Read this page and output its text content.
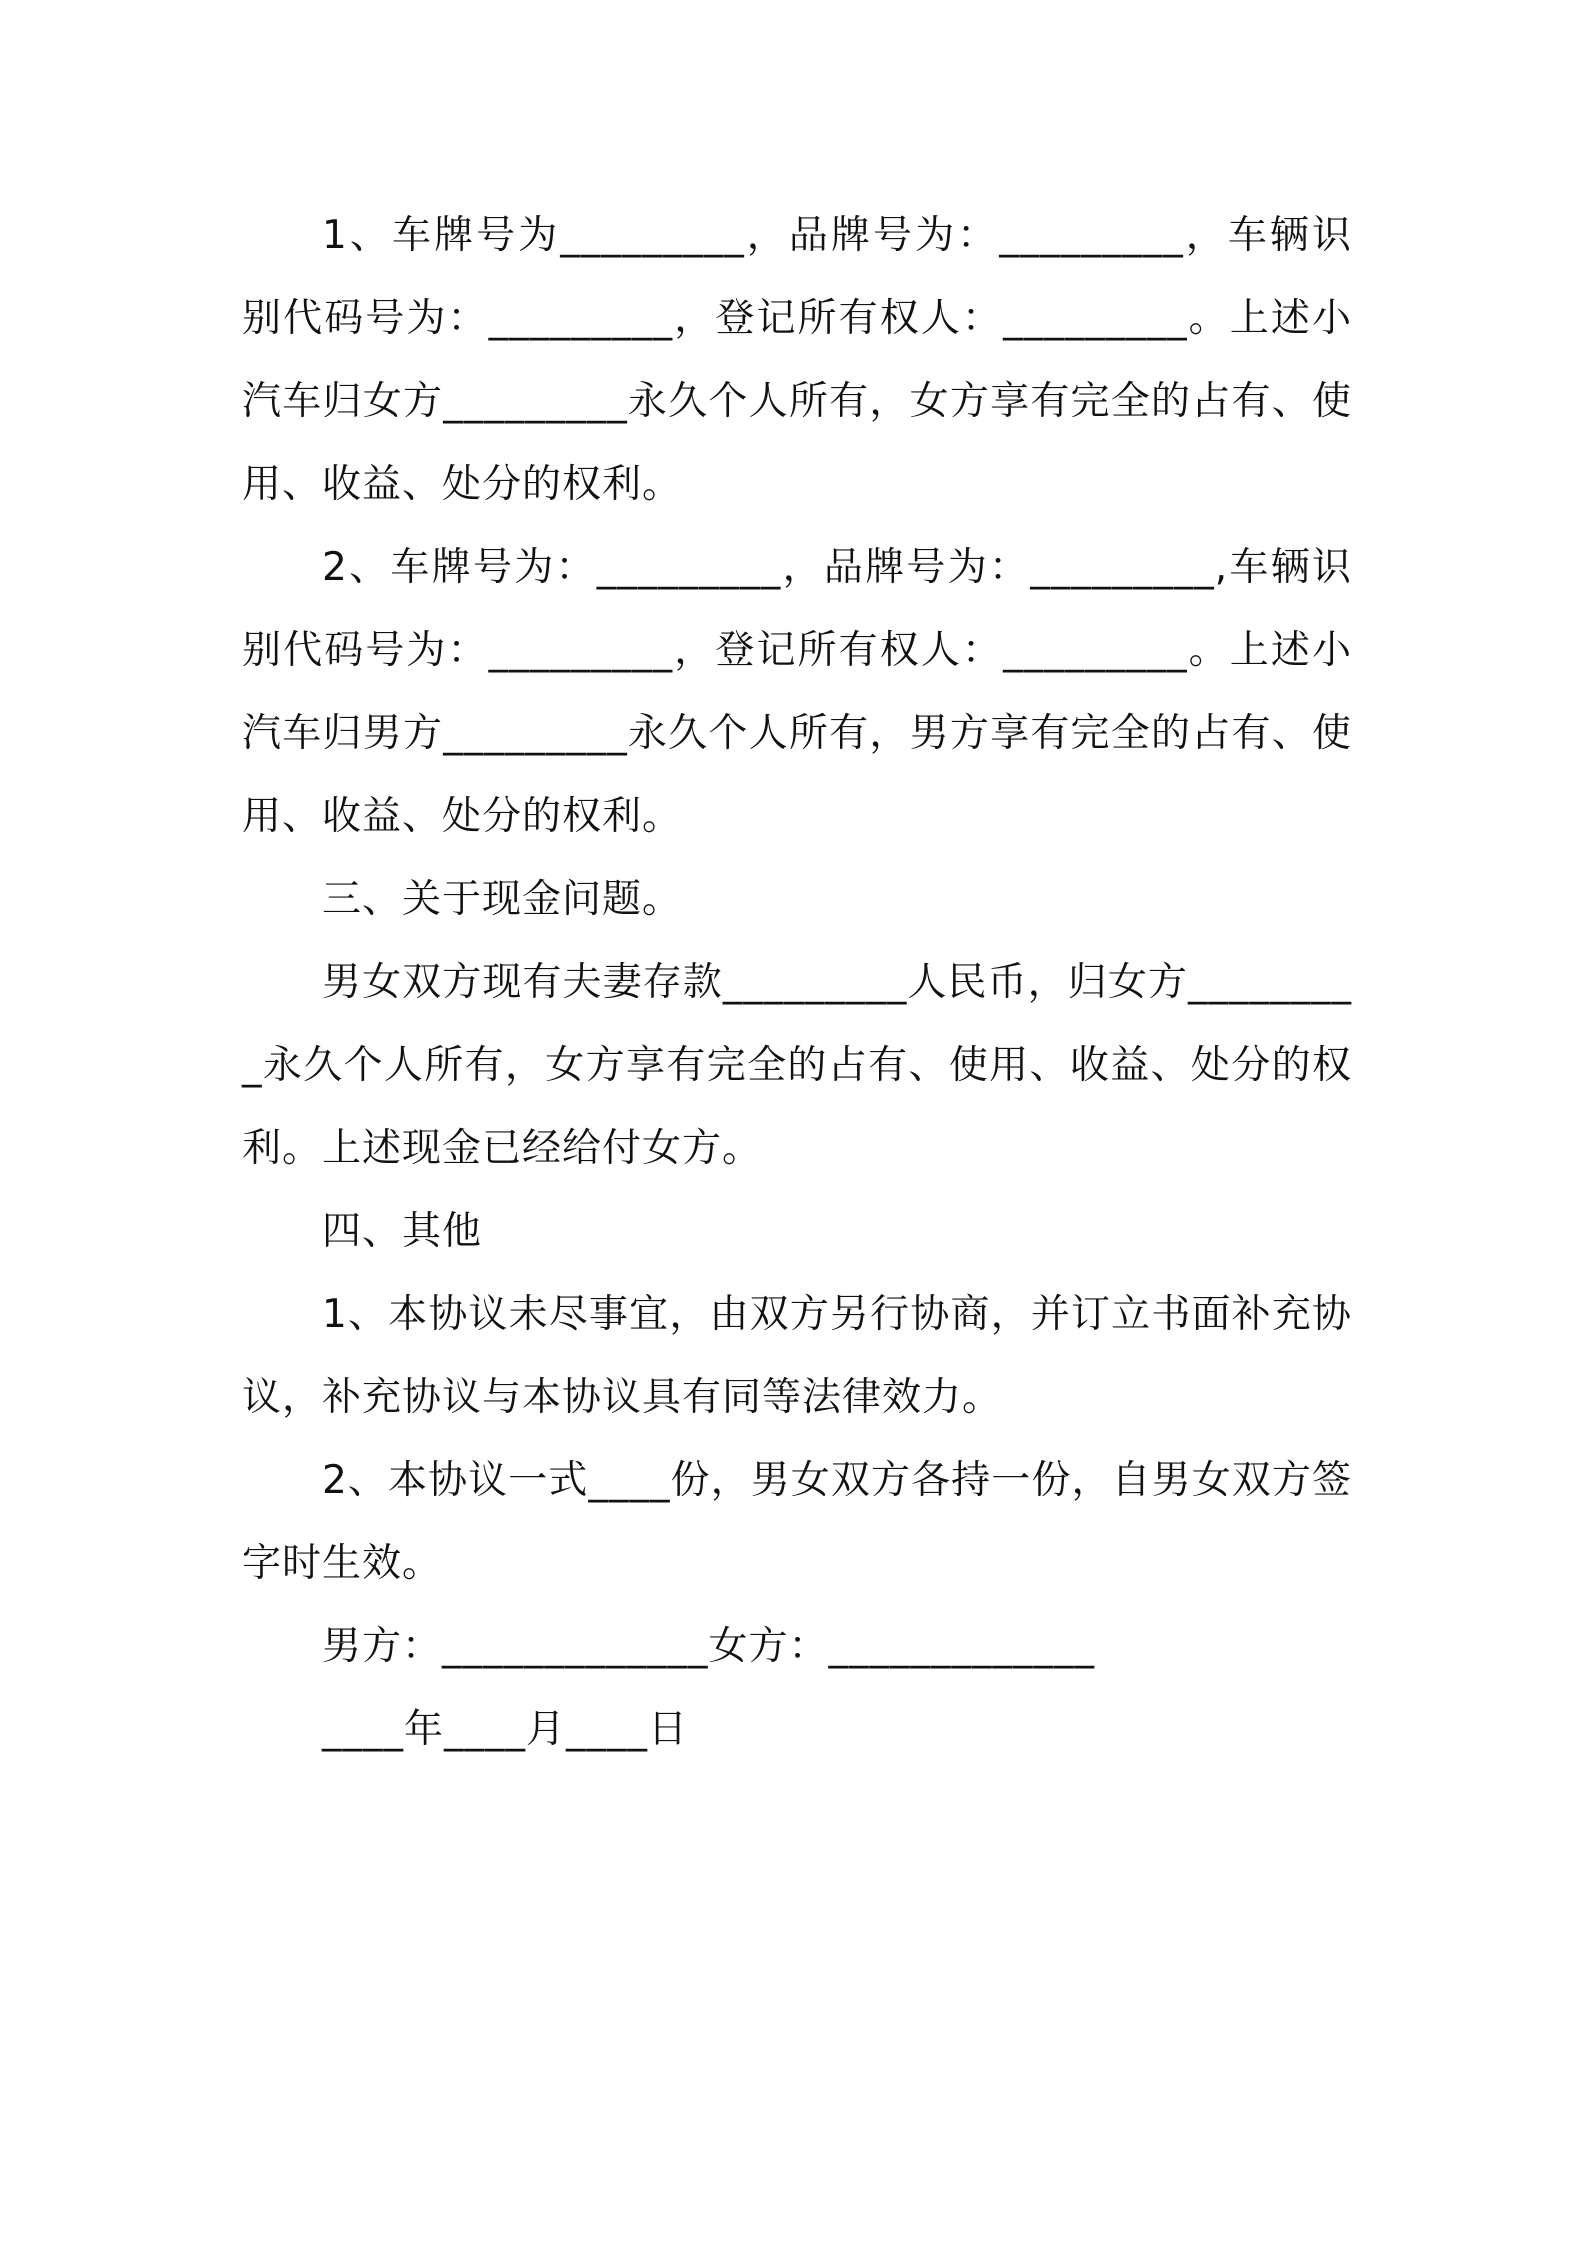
1、车牌号为_________，品牌号为：_________，车辆识别代码号为：_________，登记所有权人：_________。上述小汽车归女方_________永久个人所有，女方享有完全的占有、使用、收益、处分的权利。

2、车牌号为：_________，品牌号为：_________,车辆识别代码号为：_________，登记所有权人：_________。上述小汽车归男方_________永久个人所有，男方享有完全的占有、使用、收益、处分的权利。

三、关于现金问题。

男女双方现有夫妻存款_________人民币，归女方_________永久个人所有，女方享有完全的占有、使用、收益、处分的权利。上述现金已经给付女方。

四、其他

1、本协议未尽事宜，由双方另行协商，并订立书面补充协议，补充协议与本协议具有同等法律效力。

2、本协议一式____份，男女双方各持一份，自男女双方签字时生效。

男方：_____________女方：_____________

____年____月____日
